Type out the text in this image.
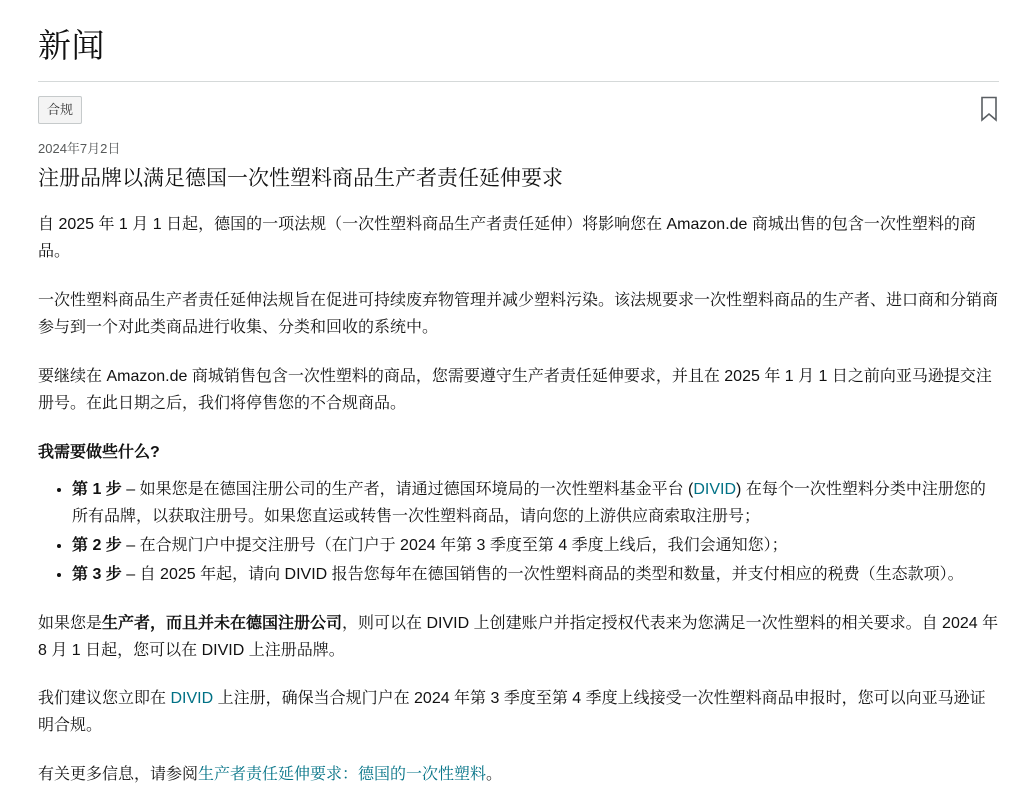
新闻
合规
2024年7月2日
注册品牌以满足德国一次性塑料商品生产者责任延伸要求

自 2025 年 1 月 1 日起，德国的一项法规（一次性塑料商品生产者责任延伸）将影响您在 Amazon.de 商城出售的包含一次性塑料的商品。

一次性塑料商品生产者责任延伸法规旨在促进可持续废弃物管理并减少塑料污染。该法规要求一次性塑料商品的生产者、进口商和分销商参与到一个对此类商品进行收集、分类和回收的系统中。

要继续在 Amazon.de 商城销售包含一次性塑料的商品，您需要遵守生产者责任延伸要求，并且在 2025 年 1 月 1 日之前向亚马逊提交注册号。在此日期之后，我们将停售您的不合规商品。

我需要做些什么?

• 第 1 步 – 如果您是在德国注册公司的生产者，请通过德国环境局的一次性塑料基金平台 (DIVID) 在每个一次性塑料分类中注册您的所有品牌，以获取注册号。如果您直运或转售一次性塑料商品，请向您的上游供应商索取注册号；
• 第 2 步 – 在合规门户中提交注册号（在门户于 2024 年第 3 季度至第 4 季度上线后，我们会通知您）；
• 第 3 步 – 自 2025 年起，请向 DIVID 报告您每年在德国销售的一次性塑料商品的类型和数量，并支付相应的税费（生态款项）。

如果您是生产者，而且并未在德国注册公司，则可以在 DIVID 上创建账户并指定授权代表来为您满足一次性塑料的相关要求。自 2024 年 8 月 1 日起，您可以在 DIVID 上注册品牌。

我们建议您立即在 DIVID 上注册，确保当合规门户在 2024 年第 3 季度至第 4 季度上线接受一次性塑料商品申报时，您可以向亚马逊证明合规。

有关更多信息，请参阅生产者责任延伸要求：德国的一次性塑料。
